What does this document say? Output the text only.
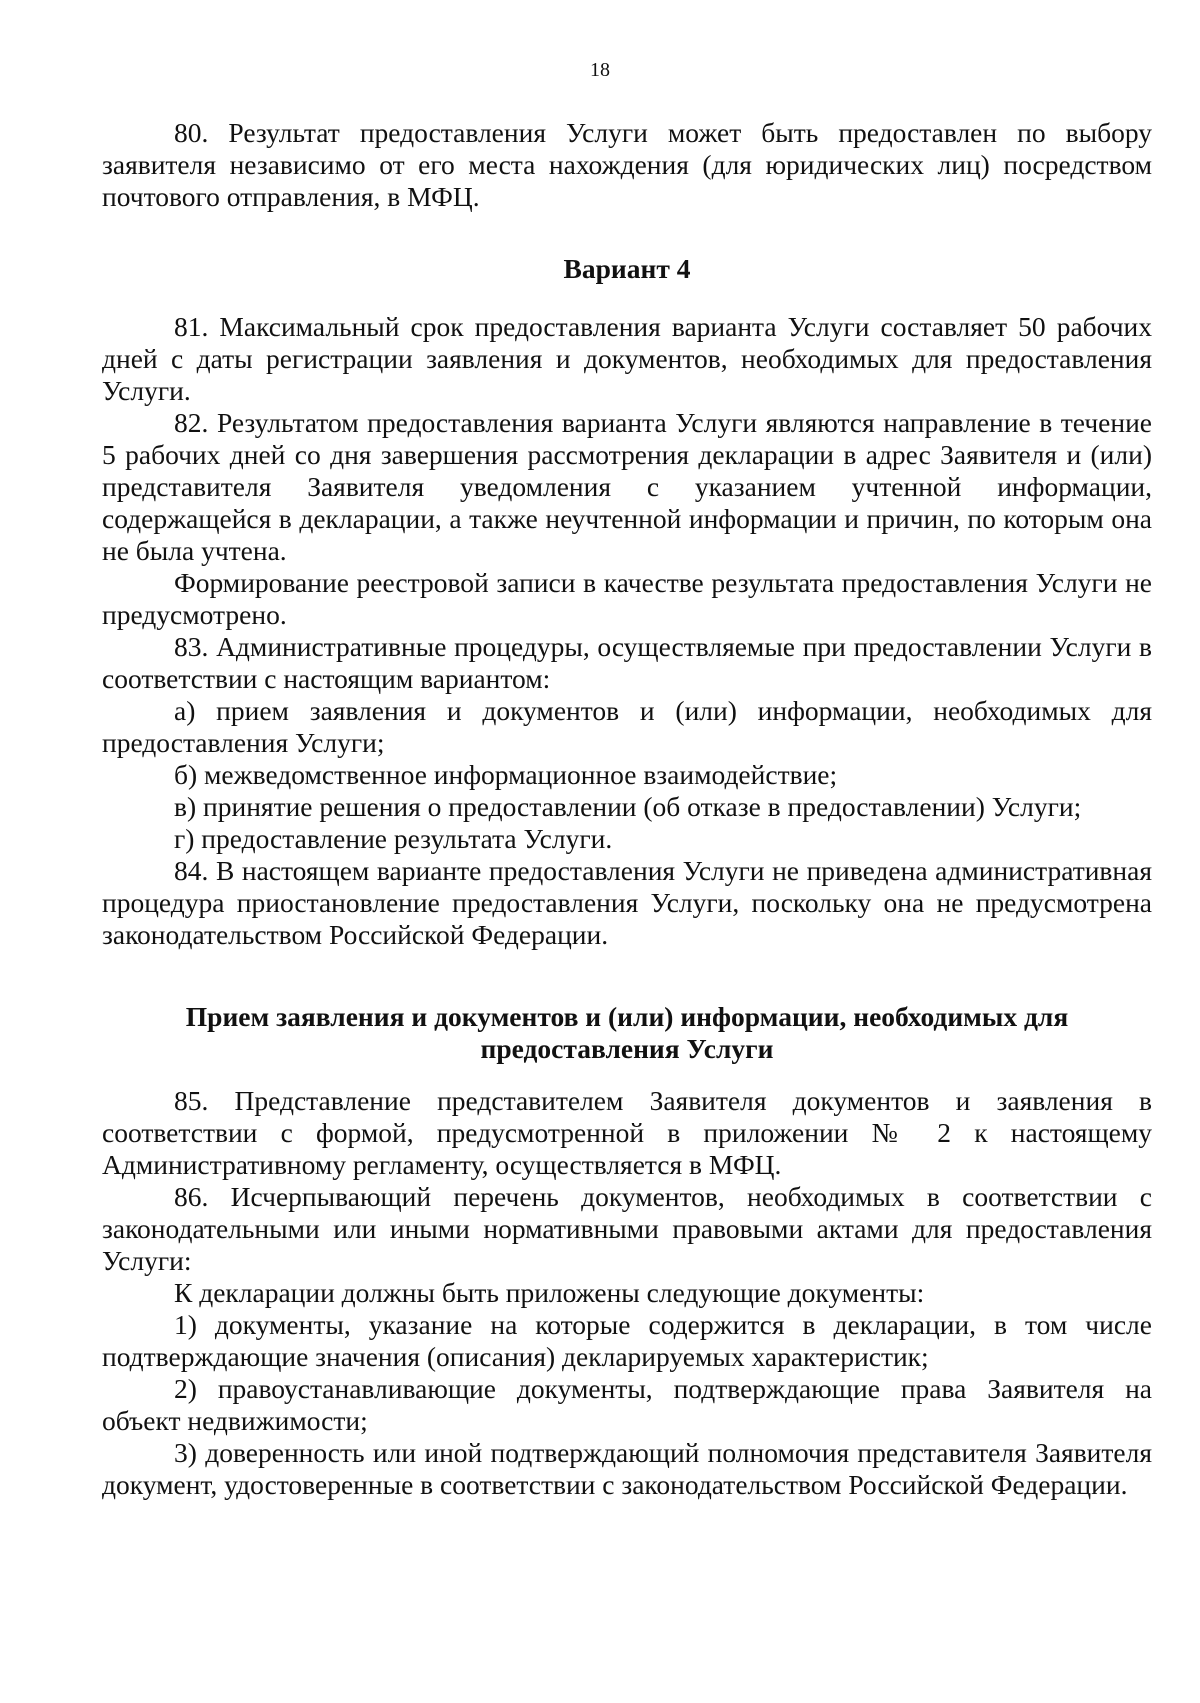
18

80. Результат предоставления Услуги может быть предоставлен по выбору заявителя независимо от его места нахождения (для юридических лиц) посредством почтового отправления, в МФЦ.

Вариант 4

81. Максимальный срок предоставления варианта Услуги составляет 50 рабочих дней с даты регистрации заявления и документов, необходимых для предоставления Услуги.

82. Результатом предоставления варианта Услуги являются направление в течение 5 рабочих дней со дня завершения рассмотрения декларации в адрес Заявителя и (или) представителя Заявителя уведомления с указанием учтенной информации, содержащейся в декларации, а также неучтенной информации и причин, по которым она не была учтена.

Формирование реестровой записи в качестве результата предоставления Услуги не предусмотрено.

83. Административные процедуры, осуществляемые при предоставлении Услуги в соответствии с настоящим вариантом:

а) прием заявления и документов и (или) информации, необходимых для предоставления Услуги;

б) межведомственное информационное взаимодействие;

в) принятие решения о предоставлении (об отказе в предоставлении) Услуги;

г) предоставление результата Услуги.

84. В настоящем варианте предоставления Услуги не приведена административная процедура приостановление предоставления Услуги, поскольку она не предусмотрена законодательством Российской Федерации.

Прием заявления и документов и (или) информации, необходимых для

предоставления Услуги

85. Представление представителем Заявителя документов и заявления в соответствии с формой, предусмотренной в приложении № 2 к настоящему Административному регламенту, осуществляется в МФЦ.

86. Исчерпывающий перечень документов, необходимых в соответствии с законодательными или иными нормативными правовыми актами для предоставления Услуги:

К декларации должны быть приложены следующие документы:

1) документы, указание на которые содержится в декларации, в том числе подтверждающие значения (описания) декларируемых характеристик;

2) правоустанавливающие документы, подтверждающие права Заявителя на объект недвижимости;

3) доверенность или иной подтверждающий полномочия представителя Заявителя документ, удостоверенные в соответствии с законодательством Российской Федерации.
